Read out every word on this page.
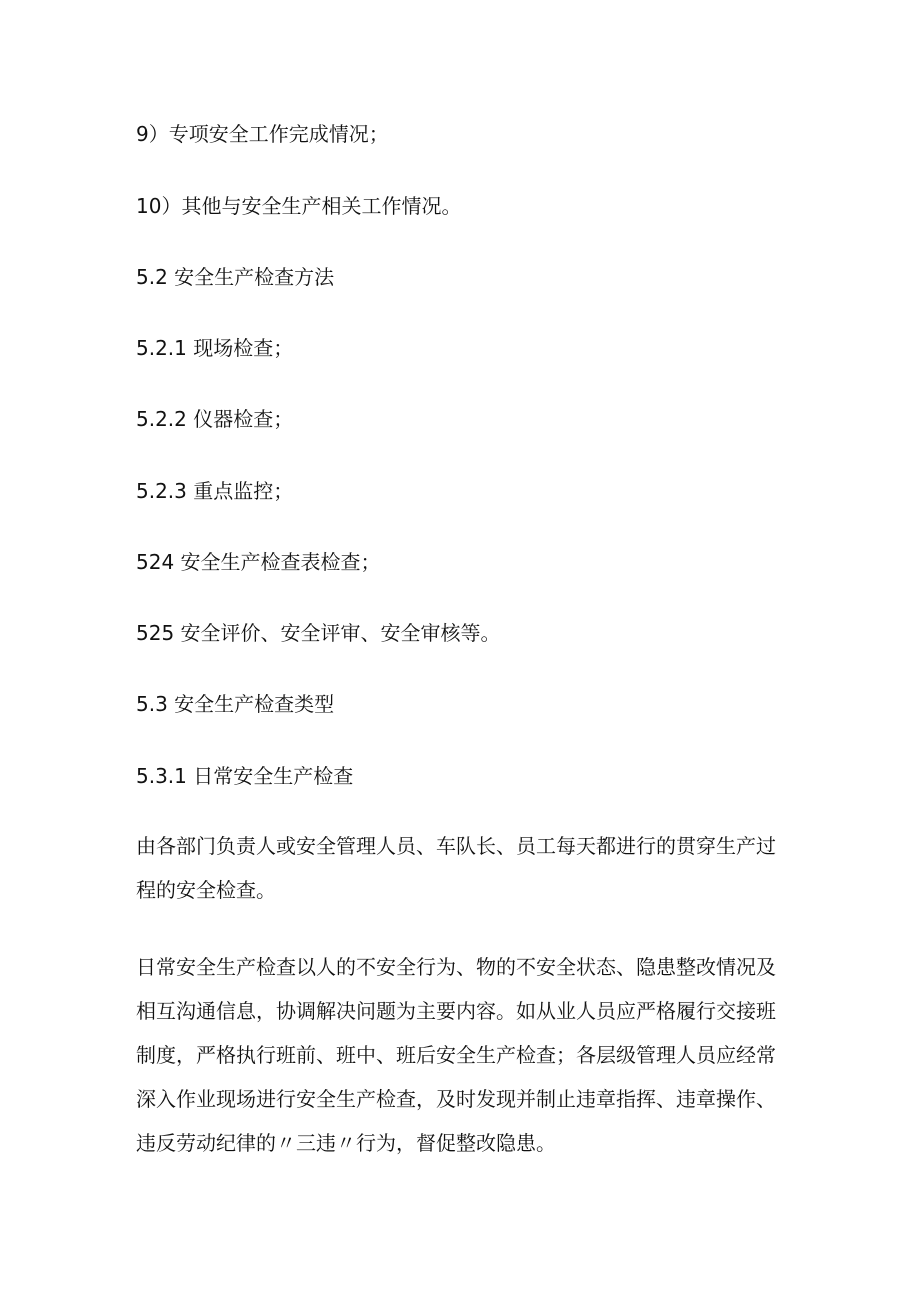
9）专项安全工作完成情况；
10）其他与安全生产相关工作情况。
5.2 安全生产检查方法
5.2.1 现场检查；
5.2.2 仪器检查；
5.2.3 重点监控；
524 安全生产检查表检查；
525 安全评价、安全评审、安全审核等。
5.3 安全生产检查类型
5.3.1 日常安全生产检查
由各部门负责人或安全管理人员、车队长、员工每天都进行的贯穿生产过
程的安全检查。
日常安全生产检查以人的不安全行为、物的不安全状态、隐患整改情况及
相互沟通信息，协调解决问题为主要内容。如从业人员应严格履行交接班
制度，严格执行班前、班中、班后安全生产检查；各层级管理人员应经常
深入作业现场进行安全生产检查，及时发现并制止违章指挥、违章操作、
违反劳动纪律的〃三违〃行为，督促整改隐患。
